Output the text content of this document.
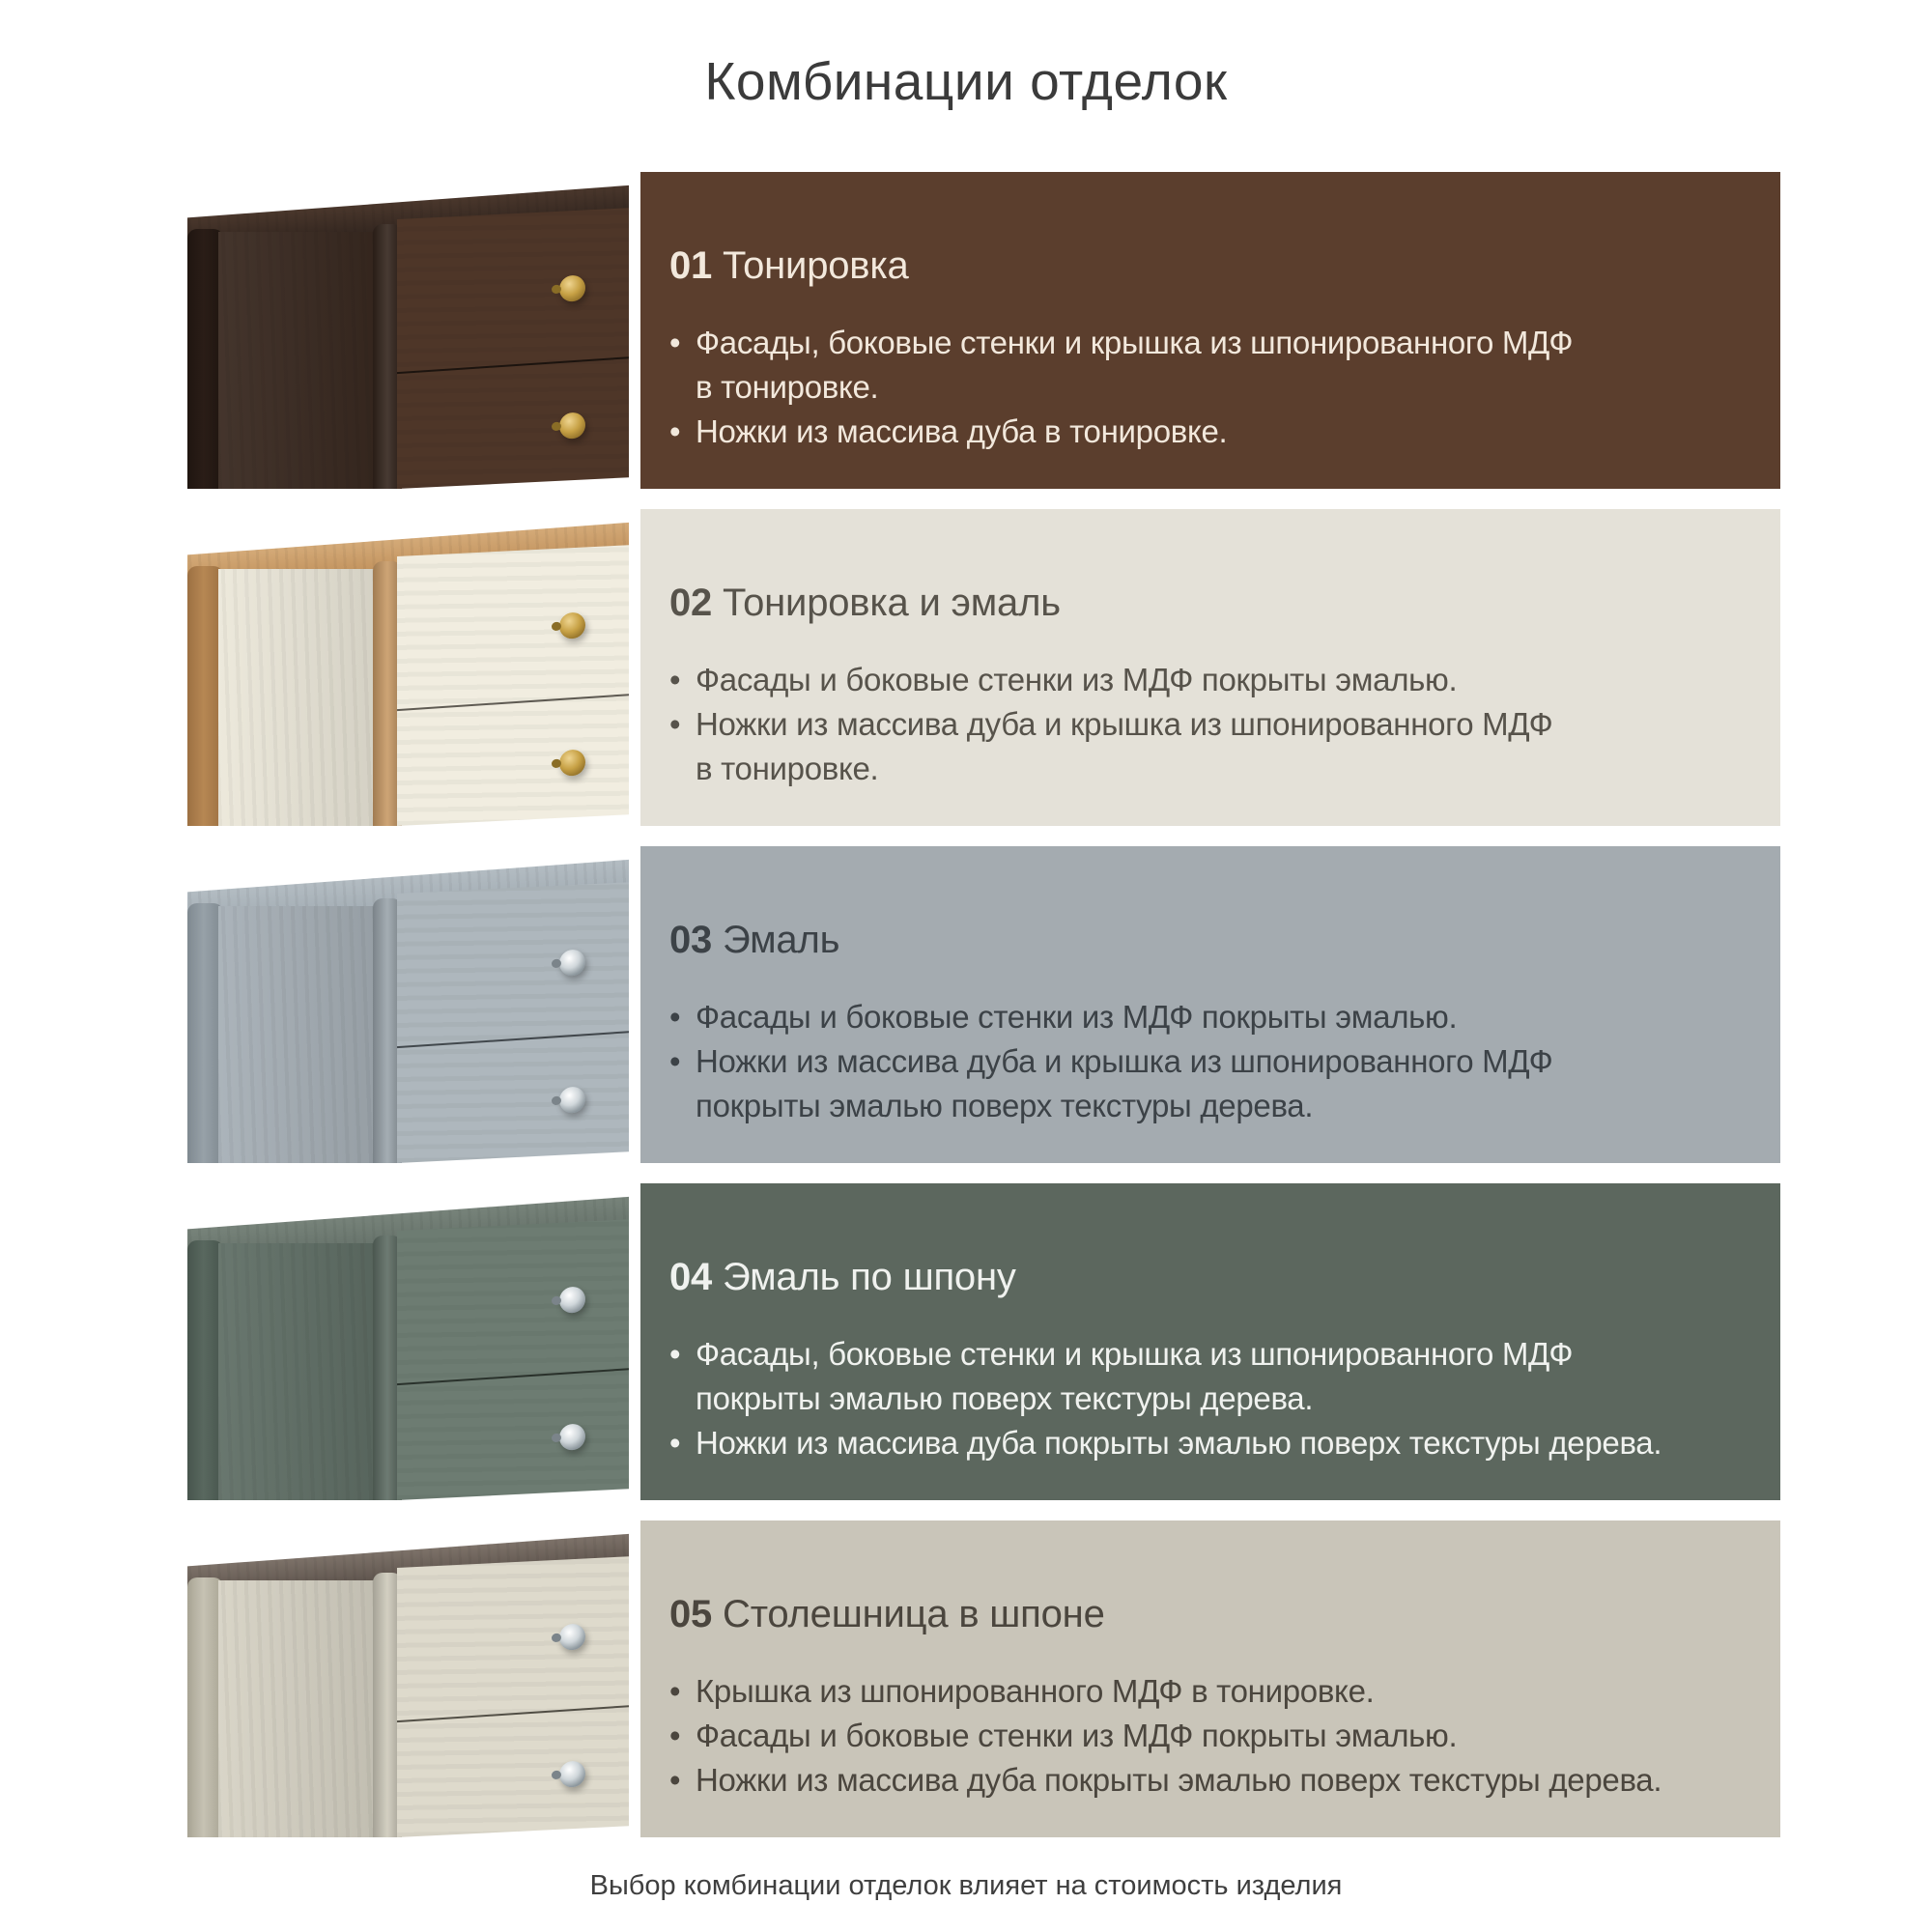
Комбинации отделок
01 Тонировка
• Фасады, боковые стенки и крышка из шпонированного МДФ
в тонировке.
• Ножки из массива дуба в тонировке.
02 Тонировка и эмаль
• Фасады и боковые стенки из МДФ покрыты эмалью.
• Ножки из массива дуба и крышка из шпонированного МДФ
в тонировке.
03 Эмаль
• Фасады и боковые стенки из МДФ покрыты эмалью.
• Ножки из массива дуба и крышка из шпонированного МДФ
покрыты эмалью поверх текстуры дерева.
04 Эмаль по шпону
• Фасады, боковые стенки и крышка из шпонированного МДФ
покрыты эмалью поверх текстуры дерева.
• Ножки из массива дуба покрыты эмалью поверх текстуры дерева.
05 Столешница в шпоне
• Крышка из шпонированного МДФ в тонировке.
• Фасады и боковые стенки из МДФ покрыты эмалью.
• Ножки из массива дуба покрыты эмалью поверх текстуры дерева.
Выбор комбинации отделок влияет на стоимость изделия
